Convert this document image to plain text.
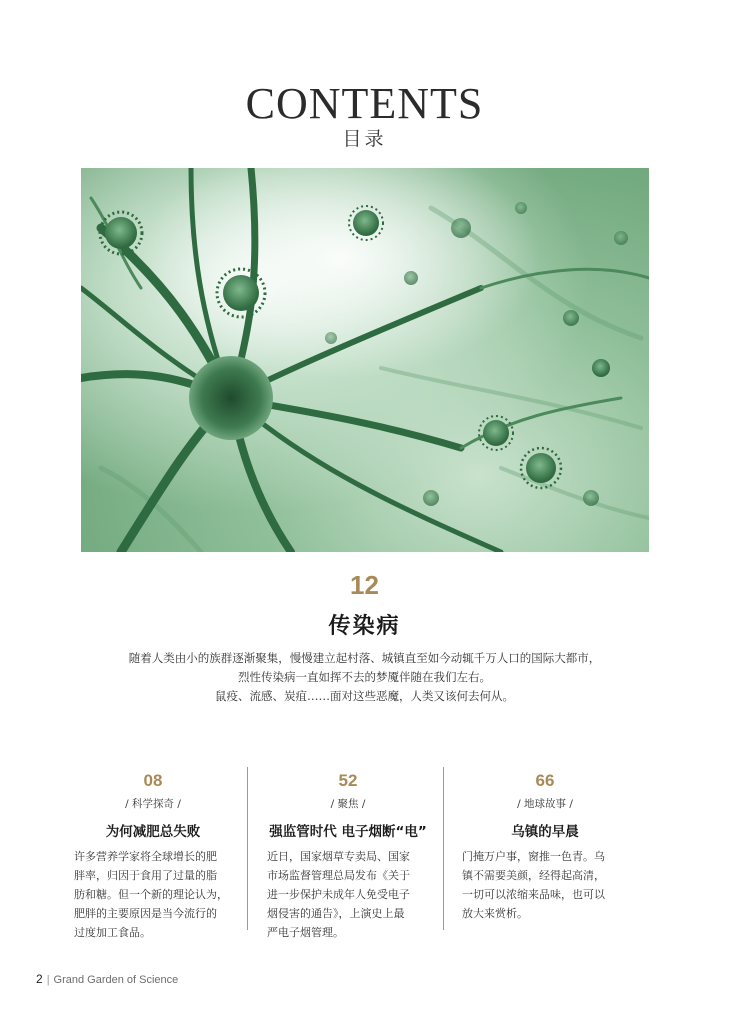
CONTENTS
目录
12
传染病

随着人类由小的族群逐渐聚集，慢慢建立起村落、城镇直至如今动辄千万人口的国际大都市，

烈性传染病一直如挥不去的梦魇伴随在我们左右。

鼠疫、流感、炭疽……面对这些恶魔，人类又该何去何从。

08
/ 科学探奇 /
为何减肥总失败

许多营养学家将全球增长的肥

胖率，归因于食用了过量的脂

肪和糖。但一个新的理论认为，

肥胖的主要原因是当今流行的

过度加工食品。

52
/ 聚焦 /
强监管时代 电子烟断“电”

近日，国家烟草专卖局、国家

市场监督管理总局发布《关于

进一步保护未成年人免受电子

烟侵害的通告》，上演史上最

严电子烟管理。

66
/ 地球故事 /
乌镇的早晨

门掩万户事，窗推一色青。乌

镇不需要美颜，经得起高清，

一切可以浓缩来品味，也可以

放大来赏析。

2 | Grand Garden of Science
